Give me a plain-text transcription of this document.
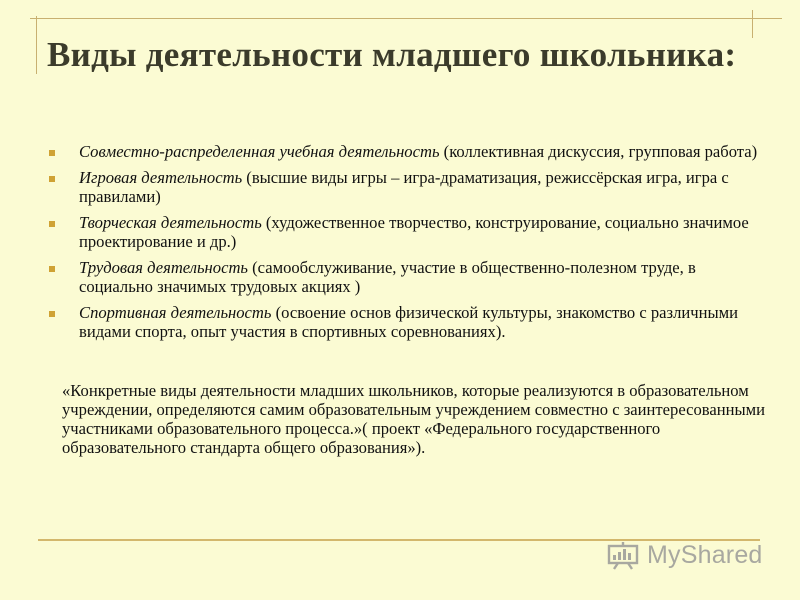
Виды деятельности младшего школьника:
Совместно-распределенная учебная деятельность (коллективная дискуссия, групповая работа)
Игровая деятельность (высшие виды игры – игра-драматизация, режиссёрская игра, игра с правилами)
Творческая деятельность (художественное творчество, конструирование, социально значимое проектирование и др.)
Трудовая деятельность (самообслуживание, участие в общественно-полезном труде, в социально значимых трудовых акциях )
Спортивная деятельность (освоение основ физической культуры, знакомство с различными видами спорта, опыт участия в спортивных соревнованиях).

«Конкретные виды деятельности младших школьников, которые реализуются в образовательном учреждении, определяются самим образовательным учреждением совместно с заинтересованными участниками образовательного процесса.»( проект «Федерального государственного образовательного стандарта общего образования»).

MyShared
